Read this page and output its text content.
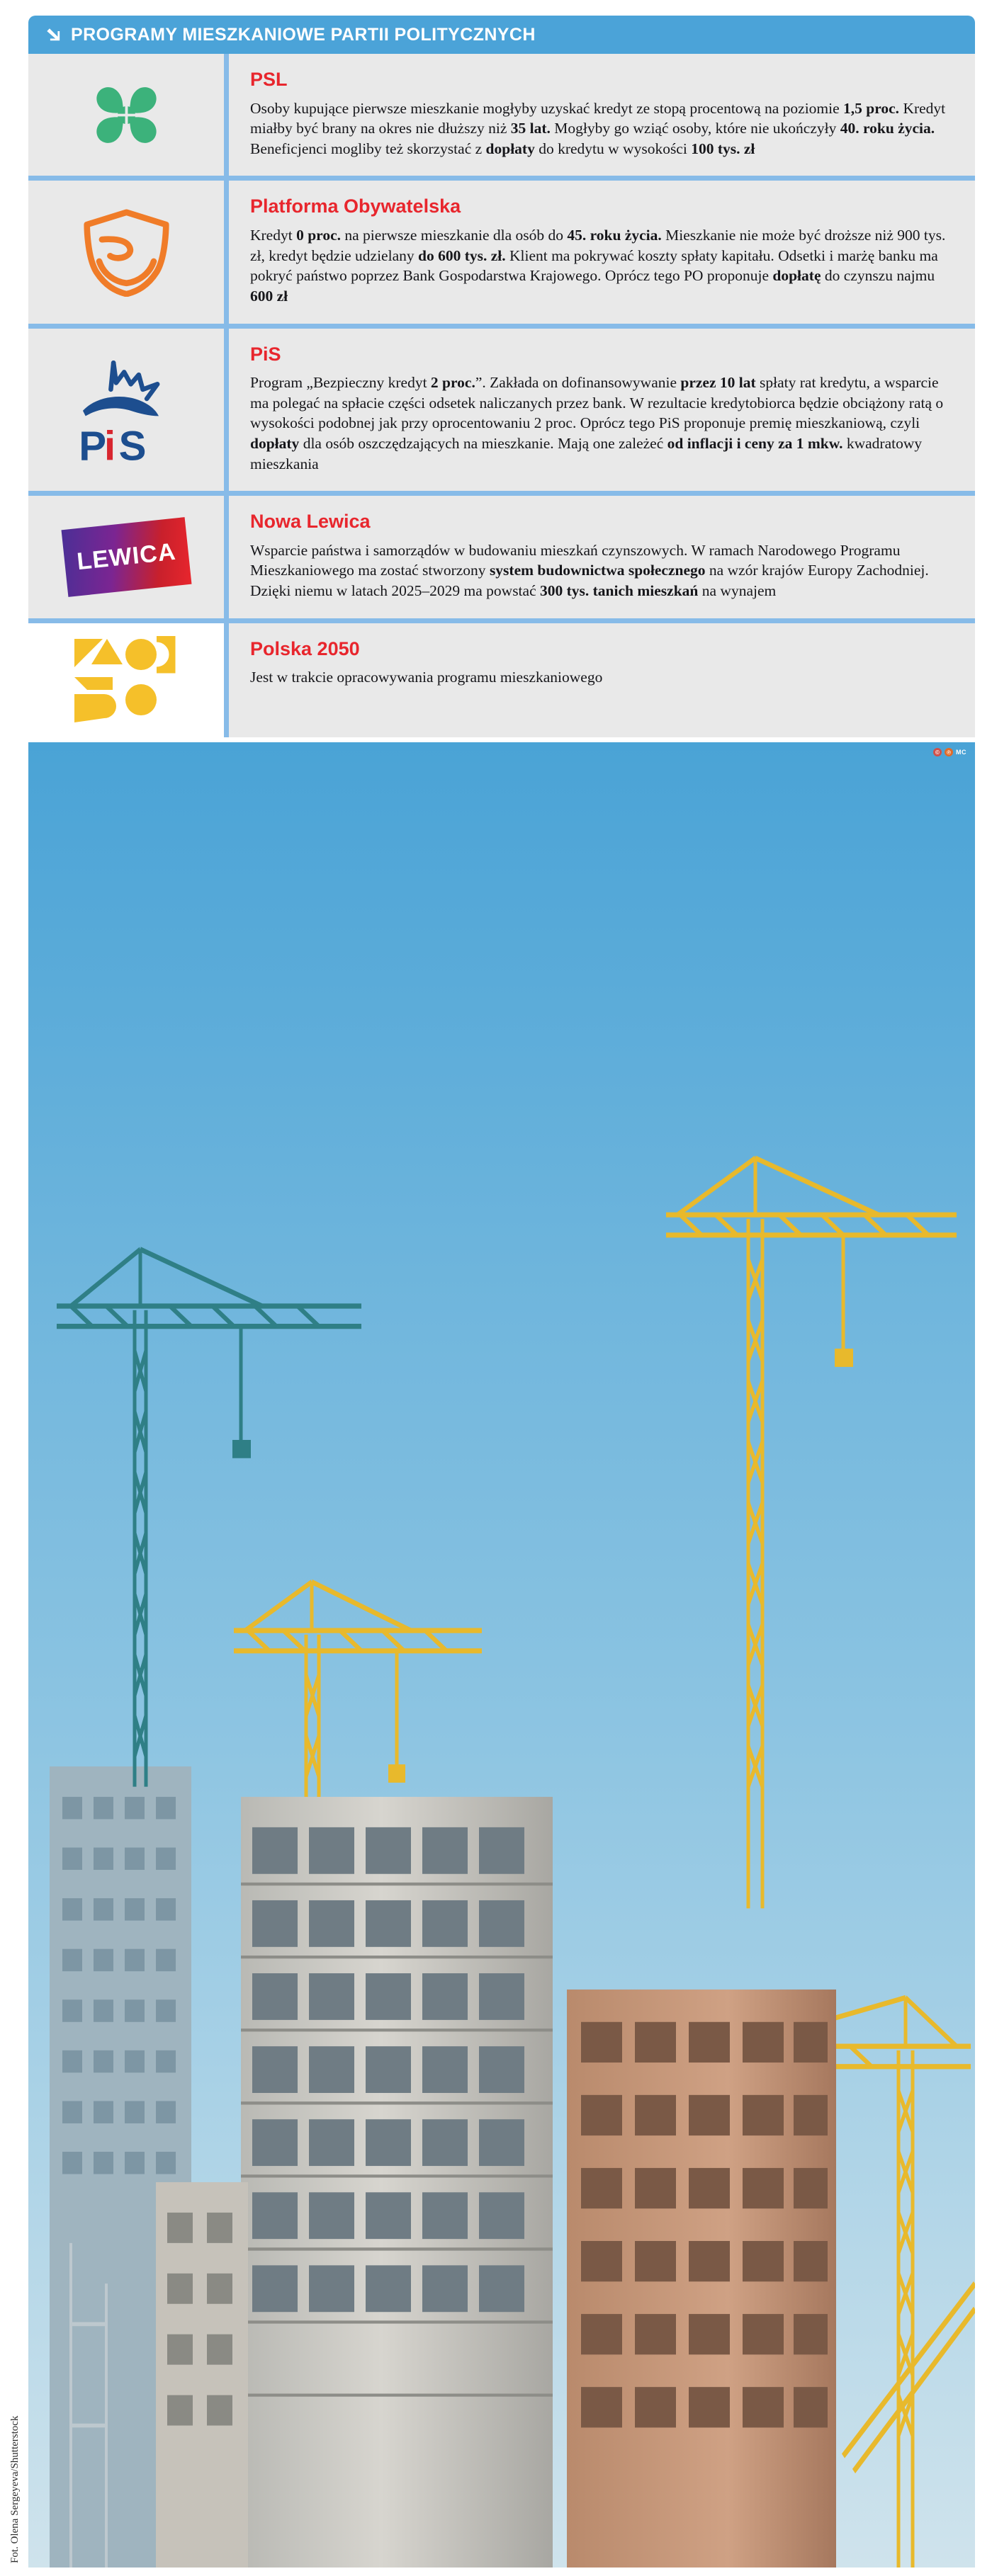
PROGRAMY MIESZKANIOWE PARTII POLITYCZNYCH
PSL
Osoby kupujące pierwsze mieszkanie mogłyby uzyskać kredyt ze stopą procentową na poziomie 1,5 proc. Kredyt miałby być brany na okres nie dłuższy niż 35 lat. Mogłyby go wziąć osoby, które nie ukończyły 40. roku życia. Beneficjenci mogliby też skorzystać z dopłaty do kredytu w wysokości 100 tys. zł
Platforma Obywatelska
Kredyt 0 proc. na pierwsze mieszkanie dla osób do 45. roku życia. Mieszkanie nie może być droższe niż 900 tys. zł, kredyt będzie udzielany do 600 tys. zł. Klient ma pokrywać koszty spłaty kapitału. Odsetki i marżę banku ma pokryć państwo poprzez Bank Gospodarstwa Krajowego. Oprócz tego PO proponuje dopłatę do czynszu najmu 600 zł
P
i S
PiS
Program „Bezpieczny kredyt 2 proc.”. Zakłada on dofinansowywanie przez 10 lat spłaty rat kredytu, a wsparcie ma polegać na spłacie części odsetek naliczanych przez bank. W rezultacie kredytobiorca będzie obciążony ratą o wysokości podobnej jak przy oprocentowaniu 2 proc. Oprócz tego PiS proponuje premię mieszkaniową, czyli dopłaty dla osób oszczędzających na mieszkanie. Mają one zależeć od inflacji i ceny za 1 mkw. kwadratowy mieszkania
LEWICA
Nowa Lewica
Wsparcie państwa i samorządów w budowaniu mieszkań czynszowych. W ramach Narodowego Programu Mieszkaniowego ma zostać stworzony system budownictwa społecznego na wzór krajów Europy Zachodniej. Dzięki niemu w latach 2025–2029 ma powstać 300 tys. tanich mieszkań na wynajem
Polska 2050
Jest w trakcie opracowywania programu mieszkaniowego
©	℗ MC
Fot. Olena Sergeyeva/Shutterstock
